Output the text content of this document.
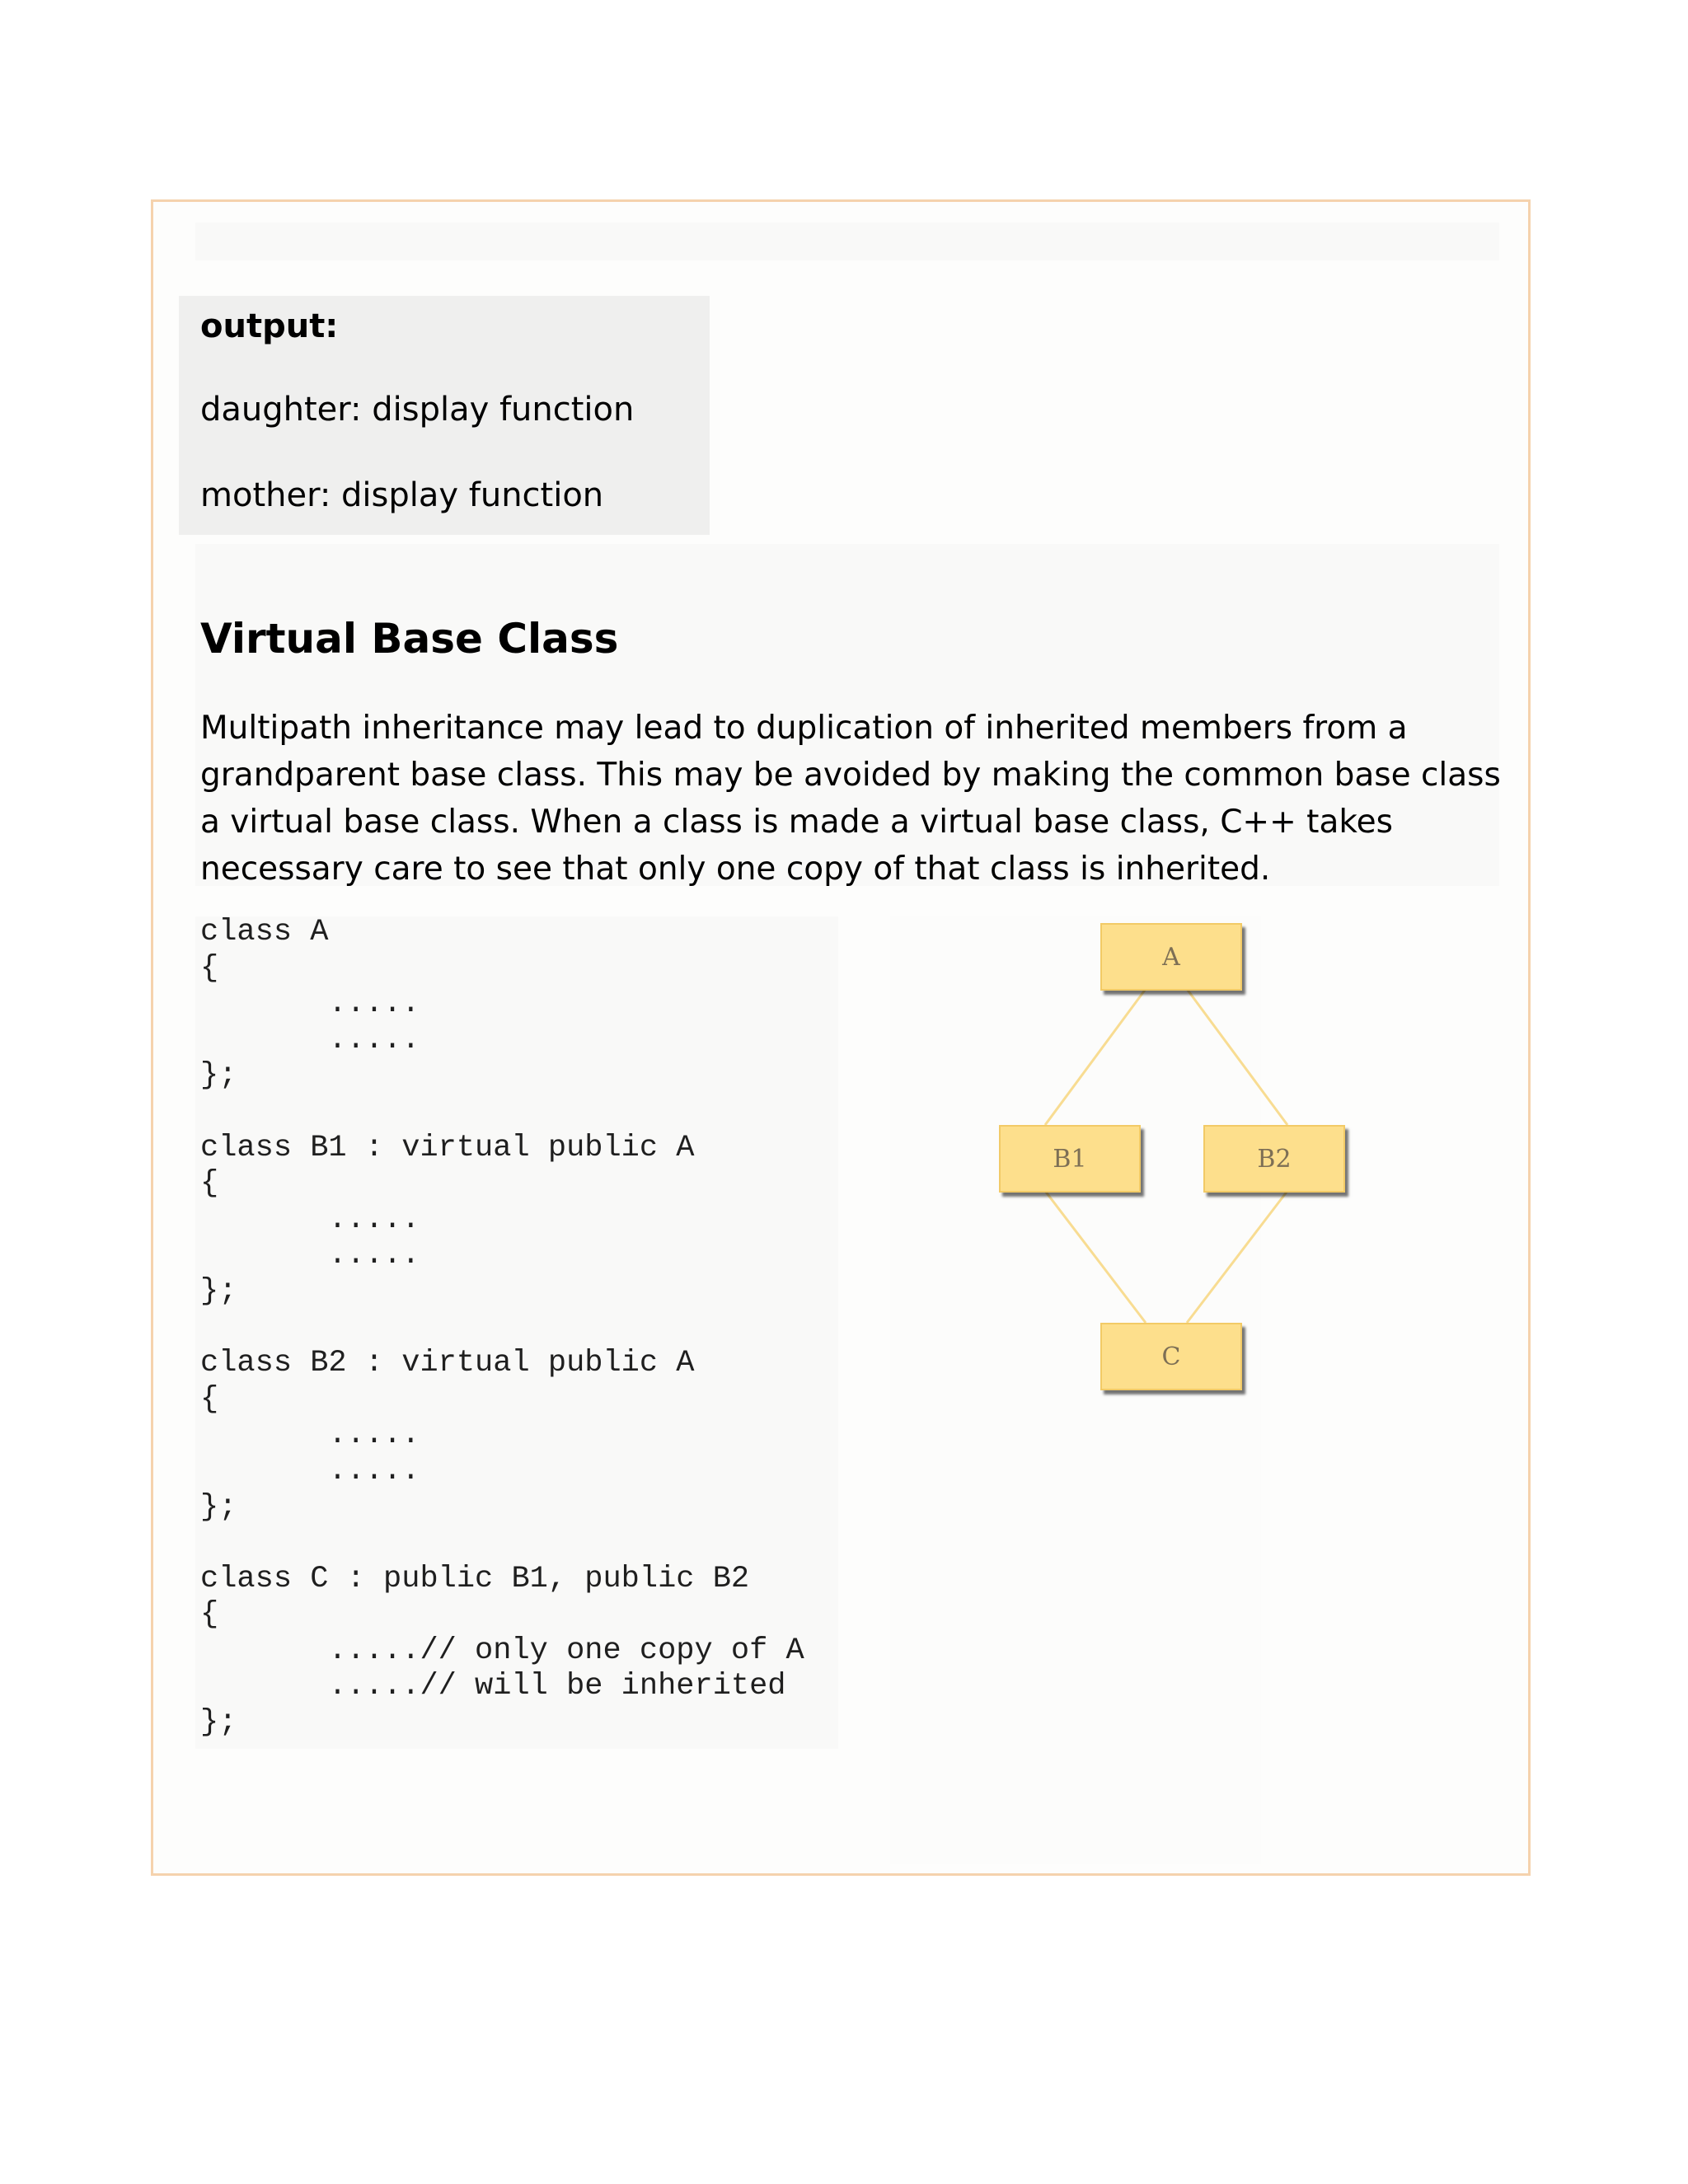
output:

daughter: display function

mother: display function

Virtual Base Class

Multipath inheritance may lead to duplication of inherited members from a grandparent base class. This may be avoided by making the common base class a virtual base class. When a class is made a virtual base class, C++ takes necessary care to see that only one copy of that class is inherited.

class A
{
.....
.....
};

class B1 : virtual public A
{
.....
.....
};

class B2 : virtual public A
{
.....
.....
};

class C : public B1, public B2
{
.....// only one copy of A
.....// will be inherited
};
A
B1	B2
C
